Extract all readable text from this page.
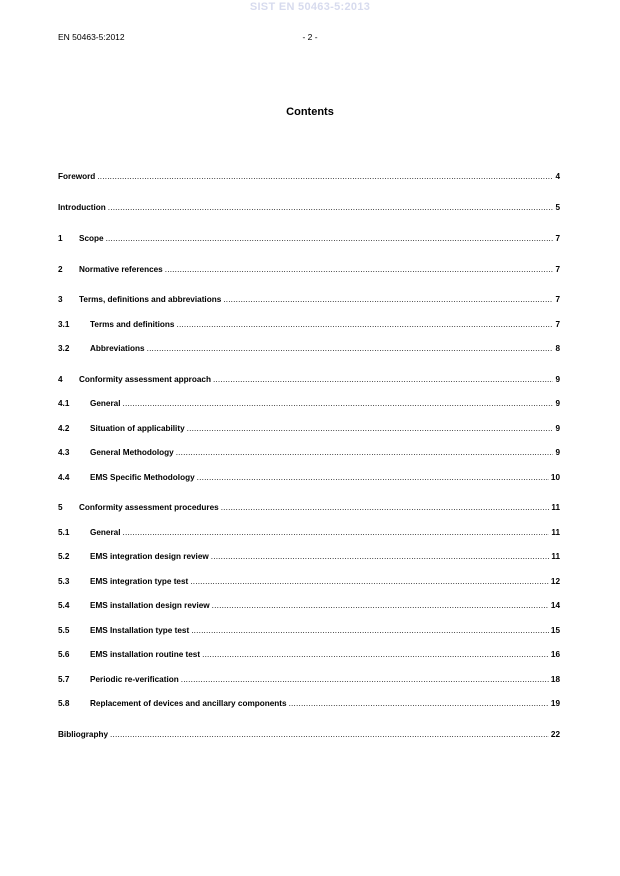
SIST EN 50463-5:2013
EN 50463-5:2012	- 2 -
Contents
Foreword .....	4
Introduction .....	5
1	Scope .....	7
2	Normative references .....	7
3	Terms, definitions and abbreviations .....	7
3.1	Terms and definitions .....	7
3.2	Abbreviations .....	8
4	Conformity assessment approach .....	9
4.1	General .....	9
4.2	Situation of applicability .....	9
4.3	General Methodology .....	9
4.4	EMS Specific Methodology .....	10
5	Conformity assessment procedures .....	11
5.1	General .....	11
5.2	EMS integration design review .....	11
5.3	EMS integration type test .....	12
5.4	EMS installation design review .....	14
5.5	EMS Installation type test .....	15
5.6	EMS installation routine test .....	16
5.7	Periodic re-verification .....	18
5.8	Replacement of devices and ancillary components .....	19
Bibliography .....	22
